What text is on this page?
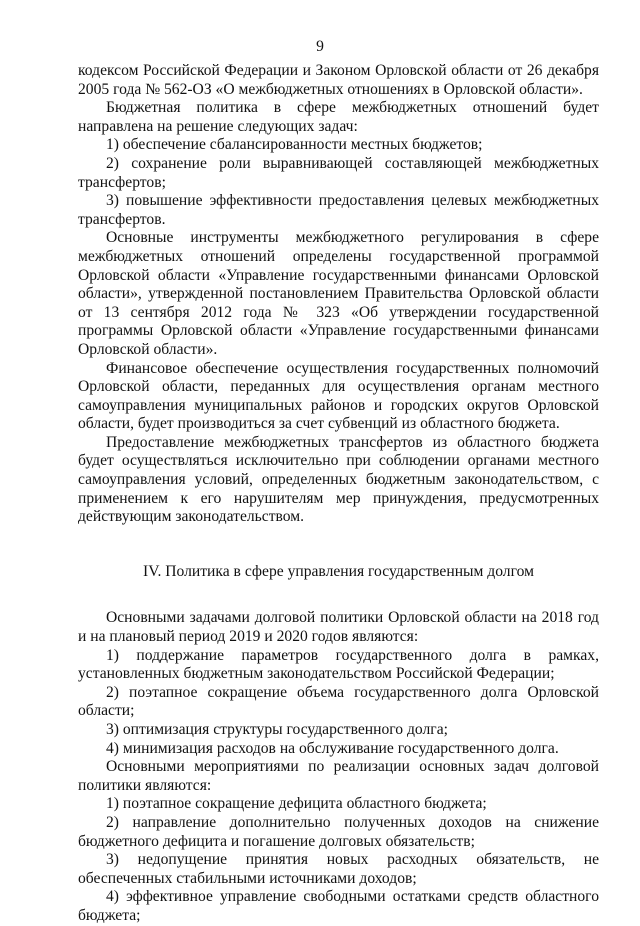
9

кодексом Российской Федерации и Законом Орловской области от 26 декабря 2005 года № 562-ОЗ «О межбюджетных отношениях в Орловской области».

Бюджетная политика в сфере межбюджетных отношений будет направлена на решение следующих задач:

1) обеспечение сбалансированности местных бюджетов;

2) сохранение роли выравнивающей составляющей межбюджетных трансфертов;

3) повышение эффективности предоставления целевых межбюджетных трансфертов.

Основные инструменты межбюджетного регулирования в сфере межбюджетных отношений определены государственной программой Орловской области «Управление государственными финансами Орловской области», утвержденной постановлением Правительства Орловской области от 13 сентября 2012 года № 323 «Об утверждении государственной программы Орловской области «Управление государственными финансами Орловской области».

Финансовое обеспечение осуществления государственных полномочий Орловской области, переданных для осуществления органам местного самоуправления муниципальных районов и городских округов Орловской области, будет производиться за счет субвенций из областного бюджета.

Предоставление межбюджетных трансфертов из областного бюджета будет осуществляться исключительно при соблюдении органами местного самоуправления условий, определенных бюджетным законодательством, с применением к его нарушителям мер принуждения, предусмотренных действующим законодательством.

IV. Политика в сфере управления государственным долгом

Основными задачами долговой политики Орловской области на 2018 год и на плановый период 2019 и 2020 годов являются:

1) поддержание параметров государственного долга в рамках, установленных бюджетным законодательством Российской Федерации;

2) поэтапное сокращение объема государственного долга Орловской области;

3) оптимизация структуры государственного долга;

4) минимизация расходов на обслуживание государственного долга.

Основными мероприятиями по реализации основных задач долговой политики являются:

1) поэтапное сокращение дефицита областного бюджета;

2) направление дополнительно полученных доходов на снижение бюджетного дефицита и погашение долговых обязательств;

3) недопущение принятия новых расходных обязательств, не обеспеченных стабильными источниками доходов;

4) эффективное управление свободными остатками средств областного бюджета;
